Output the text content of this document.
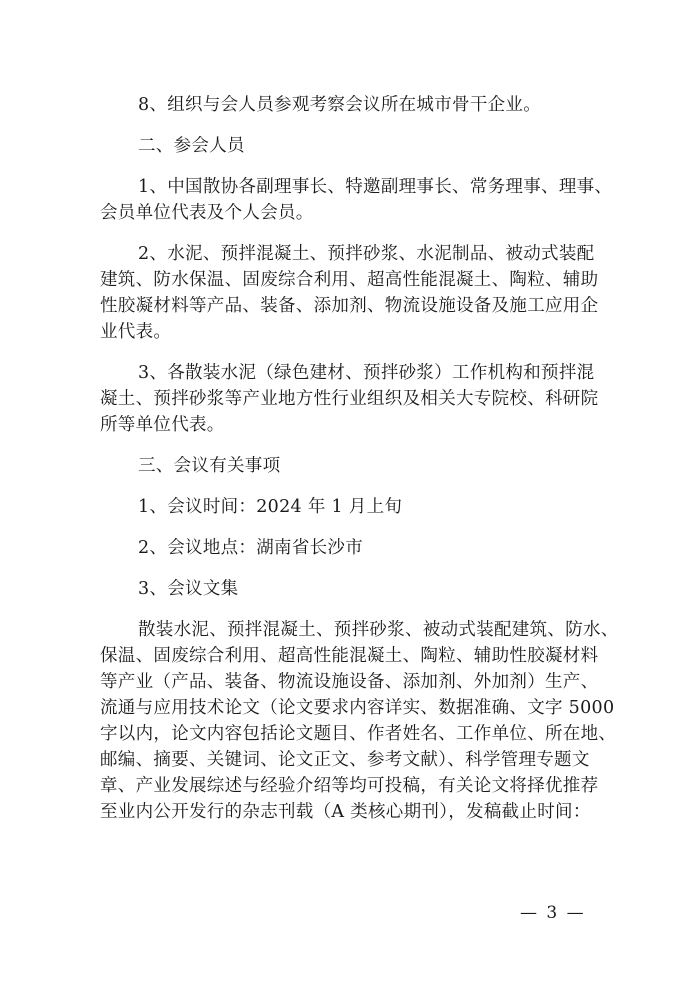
8、组织与会人员参观考察会议所在城市骨干企业。

二、参会人员

1、中国散协各副理事长、特邀副理事长、常务理事、理事、

会员单位代表及个人会员。

2、水泥、预拌混凝土、预拌砂浆、水泥制品、被动式装配

建筑、防水保温、固废综合利用、超高性能混凝土、陶粒、辅助

性胶凝材料等产品、装备、添加剂、物流设施设备及施工应用企

业代表。

3、各散装水泥（绿色建材、预拌砂浆）工作机构和预拌混

凝土、预拌砂浆等产业地方性行业组织及相关大专院校、科研院

所等单位代表。

三、会议有关事项

1、会议时间：2024 年 1 月上旬

2、会议地点：湖南省长沙市

3、会议文集

散装水泥、预拌混凝土、预拌砂浆、被动式装配建筑、防水、

保温、固废综合利用、超高性能混凝土、陶粒、辅助性胶凝材料

等产业（产品、装备、物流设施设备、添加剂、外加剂）生产、

流通与应用技术论文（论文要求内容详实、数据准确、文字 5000

字以内，论文内容包括论文题目、作者姓名、工作单位、所在地、

邮编、摘要、关键词、论文正文、参考文献）、科学管理专题文

章、产业发展综述与经验介绍等均可投稿，有关论文将择优推荐

至业内公开发行的杂志刊载（A 类核心期刊），发稿截止时间：

— 3 —
